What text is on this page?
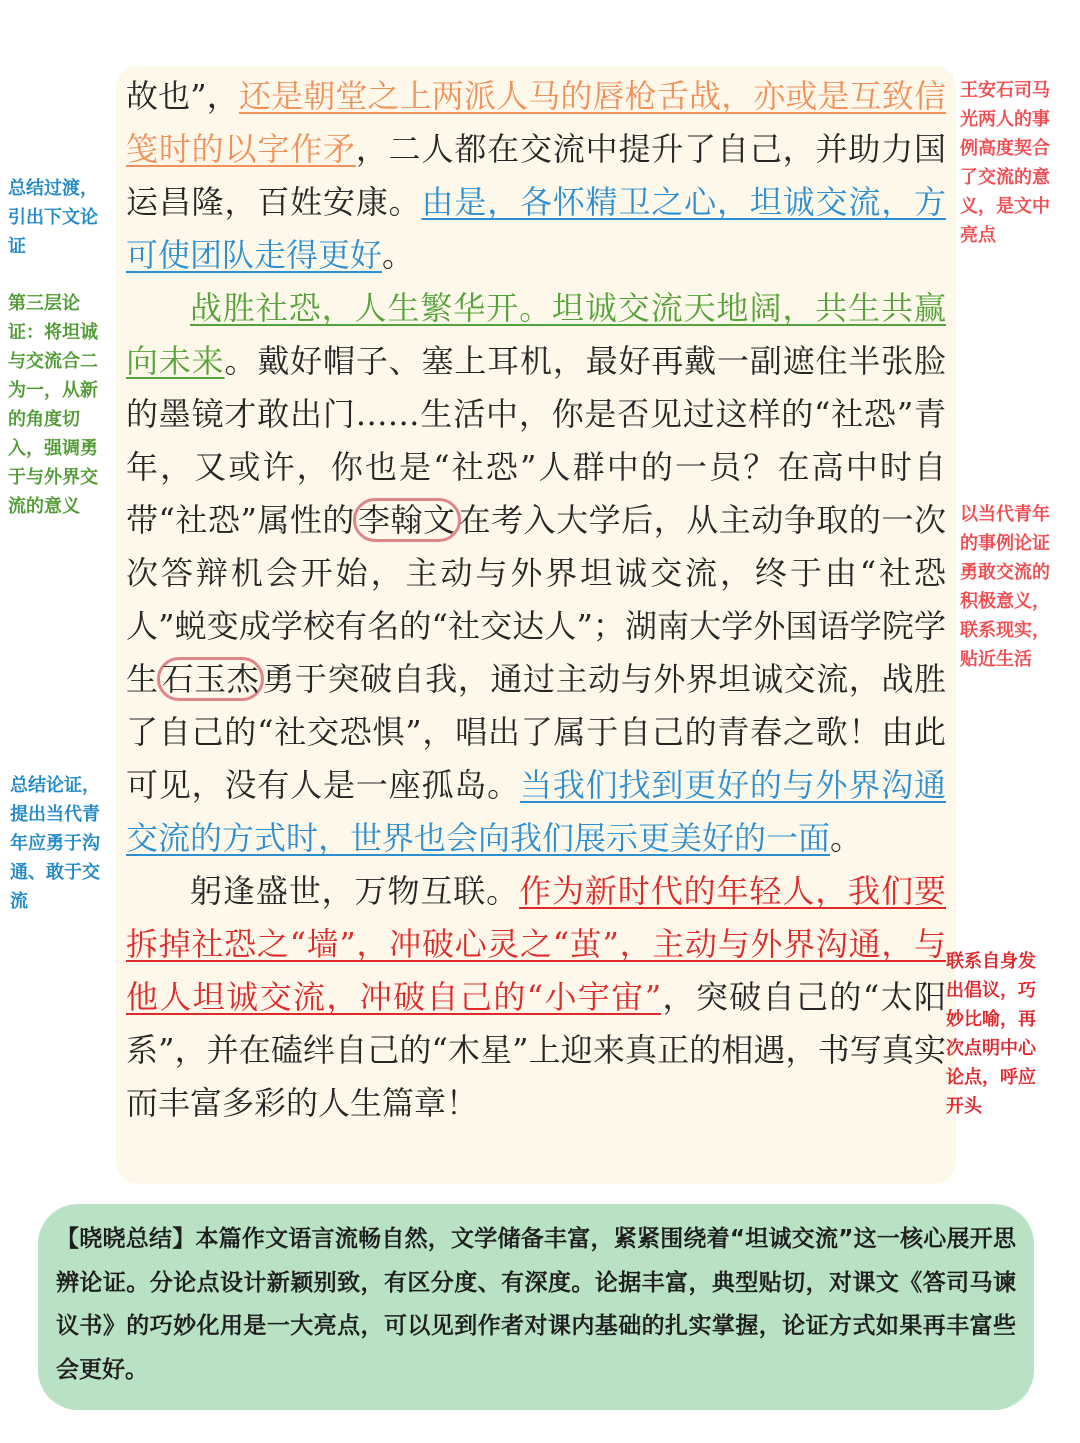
故也”，还是朝堂之上两派人马的唇枪舌战，亦或是互致信笺时的以字作矛，二人都在交流中提升了自己，并助力国运昌隆，百姓安康。由是，各怀精卫之心，坦诚交流，方可使团队走得更好。

战胜社恐，人生繁华开。坦诚交流天地阔，共生共赢向未来。戴好帽子、塞上耳机，最好再戴一副遮住半张脸的墨镜才敢出门……生活中，你是否见过这样的“社恐”青年，又或许，你也是“社恐”人群中的一员？在高中时自带“社恐”属性的李翰文在考入大学后，从主动争取的一次次答辩机会开始，主动与外界坦诚交流，终于由“社恐人”蜕变成学校有名的“社交达人”；湖南大学外国语学院学生石玉杰勇于突破自我，通过主动与外界坦诚交流，战胜了自己的“社交恐惧”，唱出了属于自己的青春之歌！由此可见，没有人是一座孤岛。当我们找到更好的与外界沟通交流的方式时，世界也会向我们展示更美好的一面。

躬逢盛世，万物互联。作为新时代的年轻人，我们要拆掉社恐之“墙”，冲破心灵之“茧”，主动与外界沟通，与他人坦诚交流，冲破自己的“小宇宙”，突破自己的“太阳系”，并在磕绊自己的“木星”上迎来真正的相遇，书写真实而丰富多彩的人生篇章！

总结过渡，
引出下文论
证
第三层论
证：将坦诚
与交流合二
为一，从新
的角度切
入，强调勇
于与外界交
流的意义
总结论证，
提出当代青
年应勇于沟
通、敢于交
流
王安石司马
光两人的事
例高度契合
了交流的意
义，是文中
亮点
以当代青年
的事例论证
勇敢交流的
积极意义，
联系现实，
贴近生活
联系自身发
出倡议，巧
妙比喻，再
次点明中心
论点，呼应
开头

【晓晓总结】本篇作文语言流畅自然，文学储备丰富，紧紧围绕着“坦诚交流”这一核心展开思辨论证。分论点设计新颖别致，有区分度、有深度。论据丰富，典型贴切，对课文《答司马谏议书》的巧妙化用是一大亮点，可以见到作者对课内基础的扎实掌握，论证方式如果再丰富些会更好。
